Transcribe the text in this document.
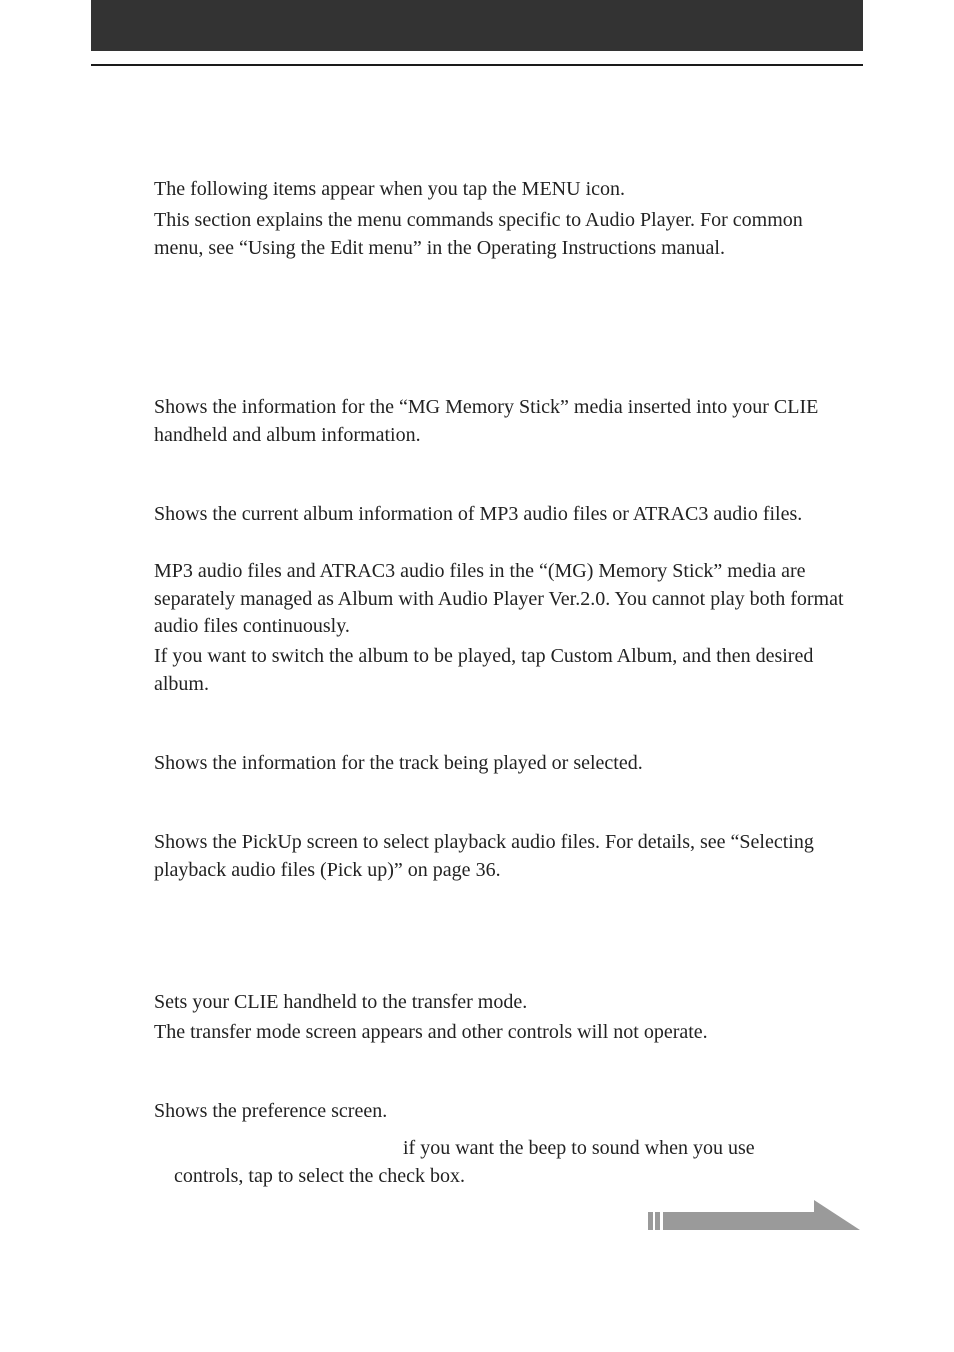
The following items appear when you tap the MENU icon.

This section explains the menu commands specific to Audio Player. For common menu, see “Using the Edit menu” in the Operating Instructions manual.

Shows the information for the “MG Memory Stick” media inserted into your CLIE handheld and album information.

Shows the current album information of MP3 audio files or ATRAC3 audio files.

MP3 audio files and ATRAC3 audio files in the “(MG) Memory Stick” media are separately managed as Album with Audio Player Ver.2.0. You cannot play both format audio files continuously.

If you want to switch the album to be played, tap Custom Album, and then desired album.

Shows the information for the track being played or selected.

Shows the PickUp screen to select playback audio files. For details, see “Selecting playback audio files (Pick up)” on page 36.

Sets your CLIE handheld to the transfer mode.

The transfer mode screen appears and other controls will not operate.

Shows the preference screen.

if you want the beep to sound when you use

controls, tap to select the check box.
